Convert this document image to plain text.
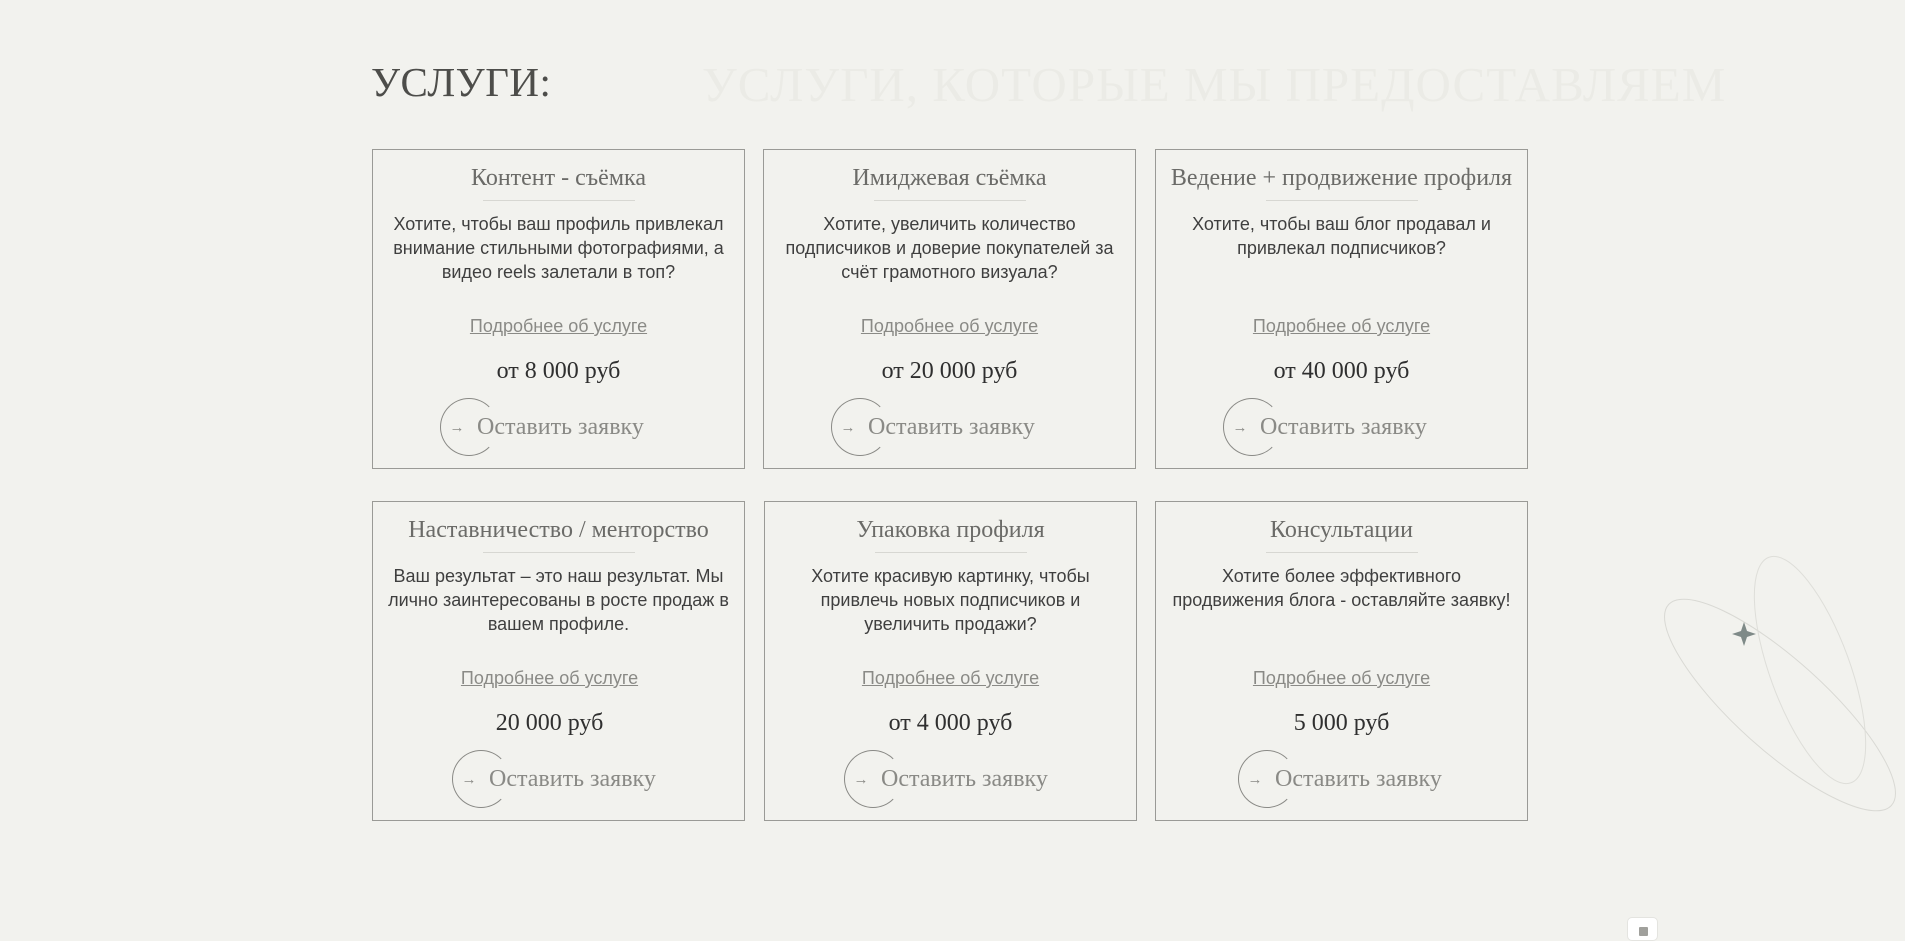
УСЛУГИ:	УСЛУГИ, КОТОРЫЕ МЫ ПРЕДОСТАВЛЯЕМ
Контент - съёмка
Хотите, чтобы ваш профиль привлекал внимание стильными фотографиями, а видео reels залетали в топ?
Подробнее об услуге
от 8 000 руб
→ Оставить заявку
Имиджевая съёмка
Хотите, увеличить количество подписчиков и доверие покупателей за счёт грамотного визуала?
Подробнее об услуге
от 20 000 руб
→ Оставить заявку
Ведение + продвижение профиля
Хотите, чтобы ваш блог продавал и привлекал подписчиков?
Подробнее об услуге
от 40 000 руб
→ Оставить заявку
Наставничество / менторство
Ваш результат – это наш результат. Мы лично заинтересованы в росте продаж в вашем профиле.
Подробнее об услуге
20 000 руб
→ Оставить заявку
Упаковка профиля
Хотите красивую картинку, чтобы привлечь новых подписчиков и увеличить продажи?
Подробнее об услуге
от 4 000 руб
→ Оставить заявку
Консультации
Хотите более эффективного продвижения блога - оставляйте заявку!
Подробнее об услуге
5 000 руб
→ Оставить заявку
